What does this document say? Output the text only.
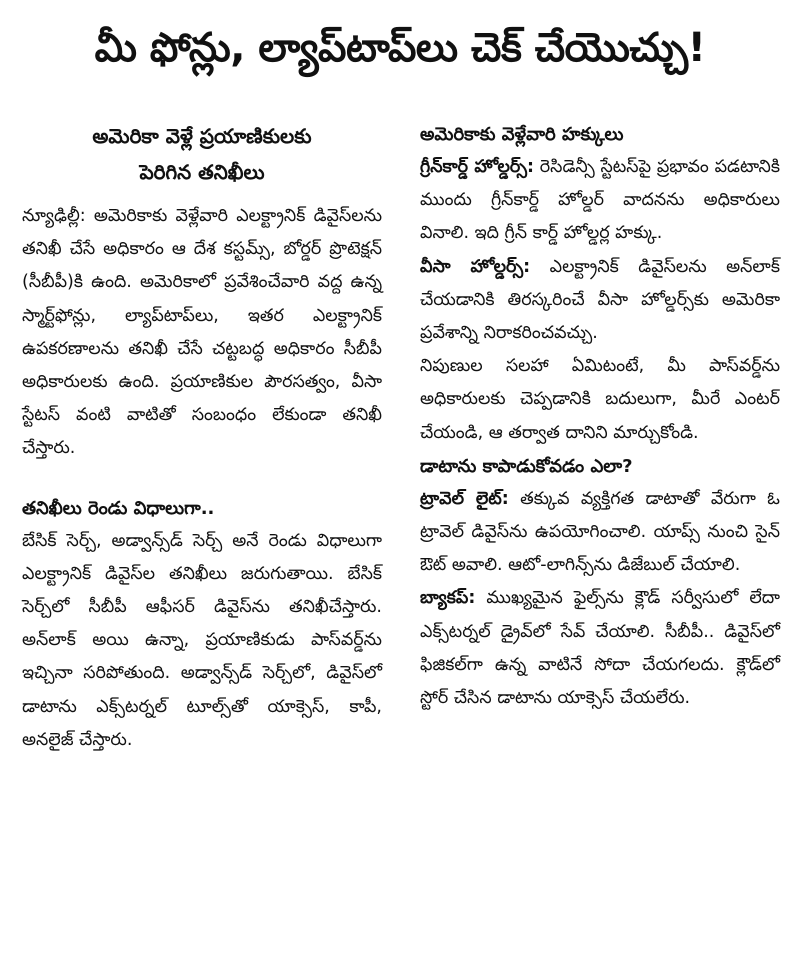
మీ ఫోన్లు, ల్యాప్‌టాప్‌లు చెక్ చేయొచ్చు!

అమెరికా వెళ్లే ప్రయాణికులకు

పెరిగిన తనిఖీలు

న్యూఢిల్లీ: అమెరికాకు వెళ్లేవారి ఎలక్ట్రానిక్ డివైస్‌లను తనిఖీ చేసే అధికారం ఆ దేశ కస్టమ్స్, బోర్డర్ ప్రొటెక్షన్ (సీబీపీ)కి ఉంది. అమెరికాలో ప్రవేశించేవారి వద్ద ఉన్న స్మార్ట్‌ఫోన్లు, ల్యాప్‌టాప్‌లు, ఇతర ఎలక్ట్రానిక్ ఉపకరణాలను తనిఖీ చేసే చట్టబద్ధ అధికారం సీబీపీ అధికారులకు ఉంది. ప్రయాణికుల పౌరసత్వం, వీసా స్టేటస్ వంటి వాటితో సంబంధం లేకుండా తనిఖీ చేస్తారు.

తనిఖీలు రెండు విధాలుగా..

బేసిక్ సెర్చ్, అడ్వాన్స్‌డ్ సెర్చ్ అనే రెండు విధాలుగా ఎలక్ట్రానిక్ డివైస్‌ల తనిఖీలు జరుగుతాయి. బేసిక్ సెర్చ్‌లో సీబీపీ ఆఫీసర్ డివైస్‌ను తనిఖీచేస్తారు. అన్‌లాక్ అయి ఉన్నా, ప్రయాణికుడు పాస్‌వర్డ్‌ను ఇచ్చినా సరిపోతుంది. అడ్వాన్స్‌డ్ సెర్చ్‌లో, డివైస్‌లో డాటాను ఎక్స్‌టర్నల్ టూల్స్‌తో యాక్సెస్, కాపీ, అనలైజ్ చేస్తారు.

అమెరికాకు వెళ్లేవారి హక్కులు

గ్రీన్‌కార్డ్ హోల్డర్స్: రెసిడెన్సీ స్టేటస్‌పై ప్రభావం పడటానికి ముందు గ్రీన్‌కార్డ్ హోల్డర్ వాదనను అధికారులు వినాలి. ఇది గ్రీన్ కార్డ్ హోల్డర్ల హక్కు.

వీసా హోల్డర్స్: ఎలక్ట్రానిక్ డివైస్‌లను అన్‌లాక్ చేయడానికి తిరస్కరించే వీసా హోల్డర్స్‌కు అమెరికా ప్రవేశాన్ని నిరాకరించవచ్చు.

నిపుణుల సలహా ఏమిటంటే, మీ పాస్‌వర్డ్‌ను అధికారులకు చెప్పడానికి బదులుగా, మీరే ఎంటర్ చేయండి, ఆ తర్వాత దానిని మార్చుకోండి.

డాటాను కాపాడుకోవడం ఎలా?

ట్రావెల్ లైట్: తక్కువ వ్యక్తిగత డాటాతో వేరుగా ఓ ట్రావెల్ డివైస్‌ను ఉపయోగించాలి. యాప్స్ నుంచి సైన్ ఔట్ అవాలి. ఆటో-లాగిన్స్‌ను డిజేబుల్ చేయాలి.

బ్యాకప్: ముఖ్యమైన ఫైల్స్‌ను క్లౌడ్ సర్వీసులో లేదా ఎక్స్‌టర్నల్ డ్రైవ్‌లో సేవ్ చేయాలి. సీబీపీ.. డివైస్‌లో ఫిజికల్‌గా ఉన్న వాటినే సోదా చేయగలదు. క్లౌడ్‌లో స్టోర్ చేసిన డాటాను యాక్సెస్ చేయలేరు.
